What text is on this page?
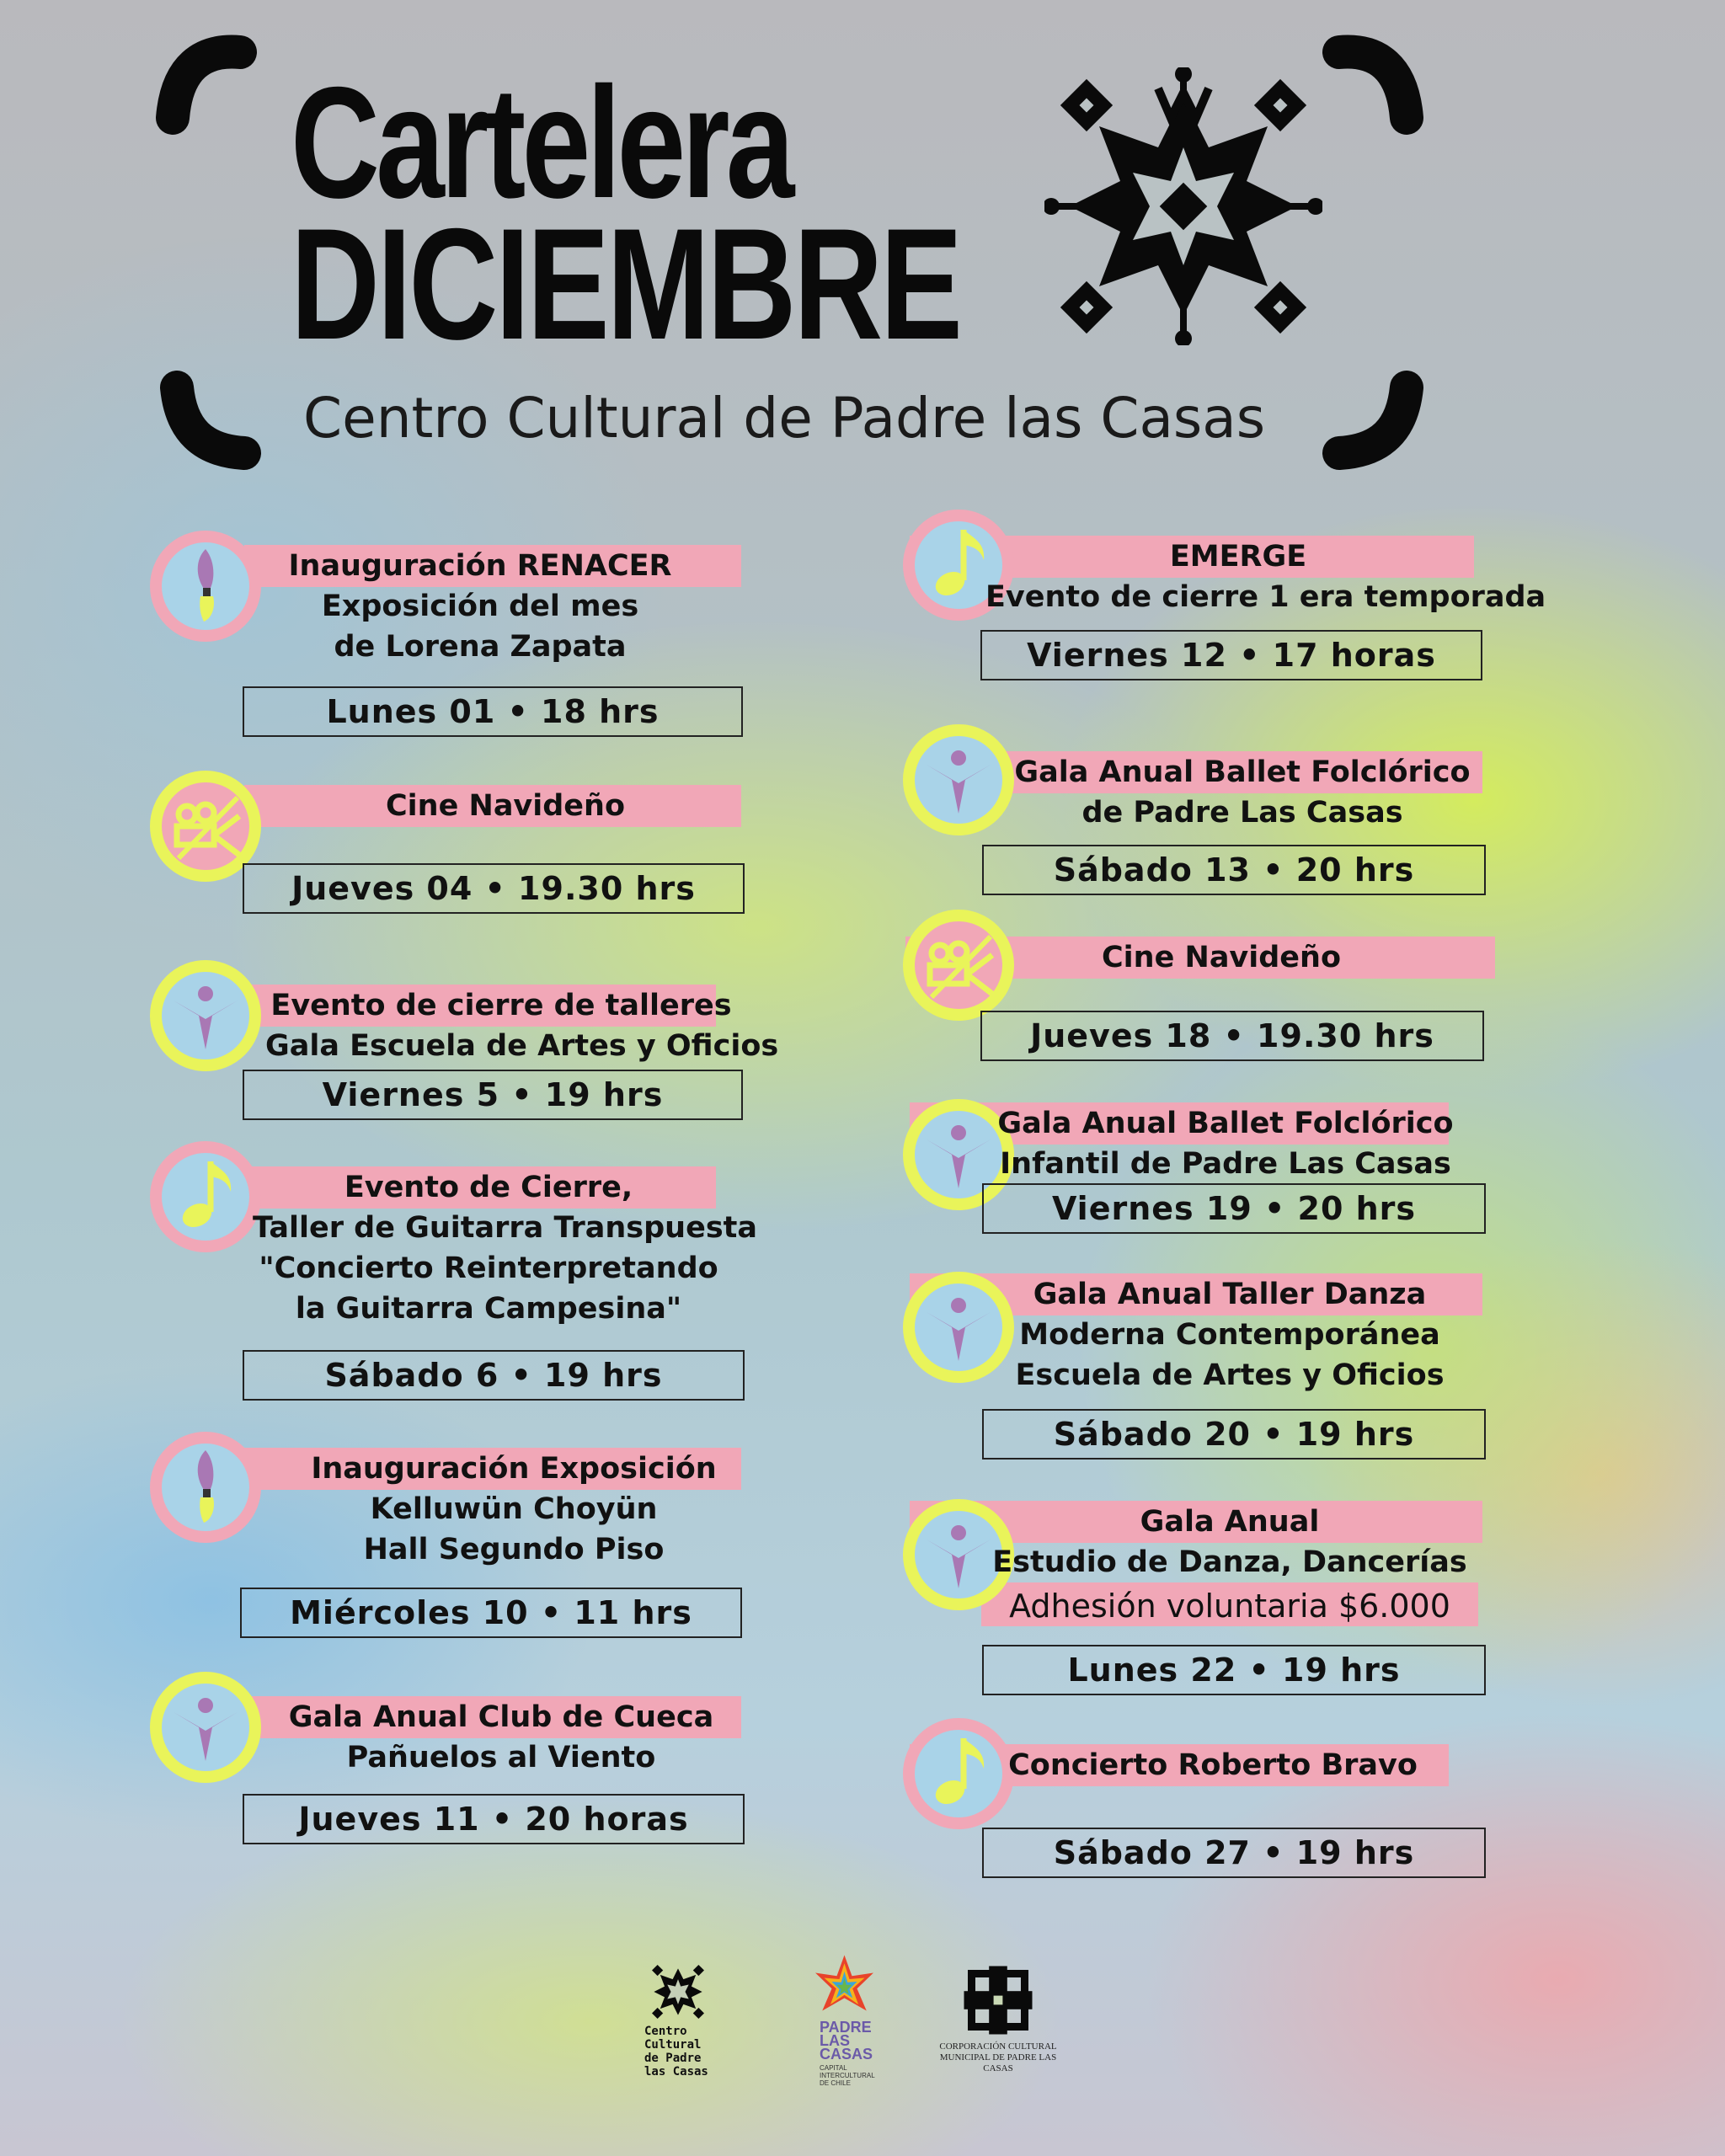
Cartelera
DICIEMBRE
Centro Cultural de Padre las Casas
Inauguración RENACER
Exposición del mes
de Lorena Zapata
Lunes 01 • 18 hrs
Cine Navideño
Jueves 04 • 19.30 hrs
Evento de cierre de talleres
Gala Escuela de Artes y Oficios
Viernes 5 • 19 hrs
Evento de Cierre,
Taller de Guitarra Transpuesta
"Concierto Reinterpretando
la Guitarra Campesina"
Sábado 6 • 19 hrs
Inauguración Exposición
Kelluwün Choyün
Hall Segundo Piso
Miércoles 10 • 11 hrs
Gala Anual Club de Cueca
Pañuelos al Viento
Jueves 11 • 20 horas
EMERGE
Evento de cierre 1 era temporada
Viernes 12 • 17 horas
Gala Anual Ballet Folclórico
de Padre Las Casas
Sábado 13 • 20 hrs
Cine Navideño
Jueves 18 • 19.30 hrs
Gala Anual Ballet Folclórico
Infantil de Padre Las Casas
Viernes 19 • 20 hrs
Gala Anual Taller Danza
Moderna Contemporánea
Escuela de Artes y Oficios
Sábado 20 • 19 hrs
Gala Anual
Estudio de Danza, Dancerías
Adhesión voluntaria $6.000
Lunes 22 • 19 hrs
Concierto Roberto Bravo
Sábado 27 • 19 hrs
Centro
Cultural
de Padre
las Casas
PADRE
LAS
CASAS
CAPITAL
INTERCULTURAL
DE CHILE
CORPORACIÓN CULTURAL
MUNICIPAL DE PADRE LAS CASAS
